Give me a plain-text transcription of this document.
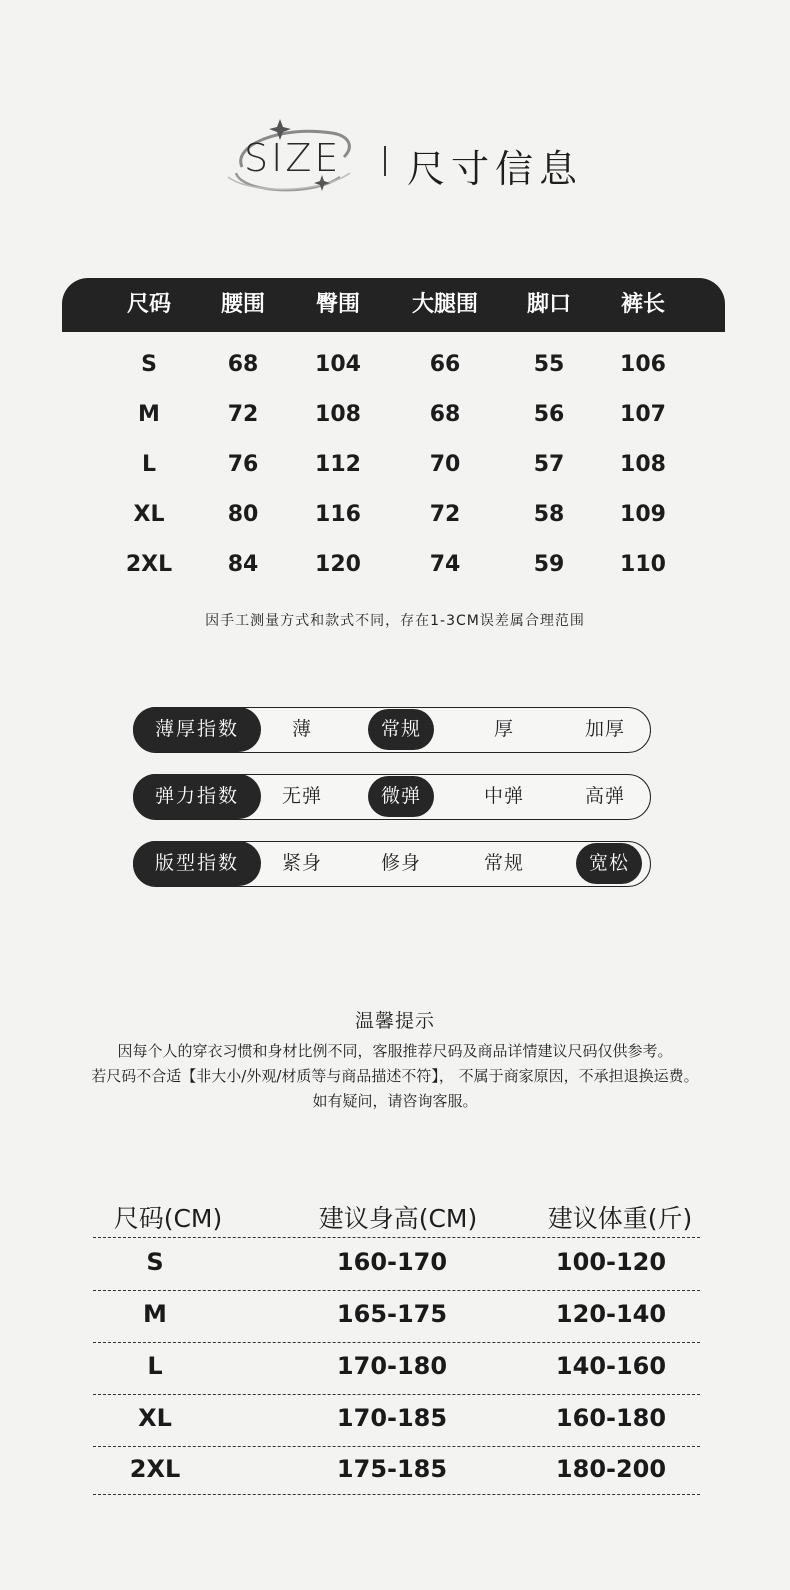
SIZE 尺寸信息
尺码 腰围 臀围 大腿围 脚口 裤长
S	68	104	66	55	106
M	72	108	68	56	107
L	76	112	70	57	108
XL	80	116	72	58	109
2XL	84	120	74	59	110
因手工测量方式和款式不同，存在1-3CM误差属合理范围
薄厚指数	薄	常规	厚	加厚
弹力指数	无弹	微弹	中弹	高弹
版型指数	紧身	修身	常规	宽松
温馨提示
因每个人的穿衣习惯和身材比例不同，客服推荐尺码及商品详情建议尺码仅供参考。
若尺码不合适【非大小/外观/材质等与商品描述不符】， 不属于商家原因，不承担退换运费。
如有疑问，请咨询客服。
尺码(CM)	建议身高(CM)	建议体重(斤)
S	160-170	100-120
M	165-175	120-140
L	170-180	140-160
XL	170-185	160-180
2XL	175-185	180-200
